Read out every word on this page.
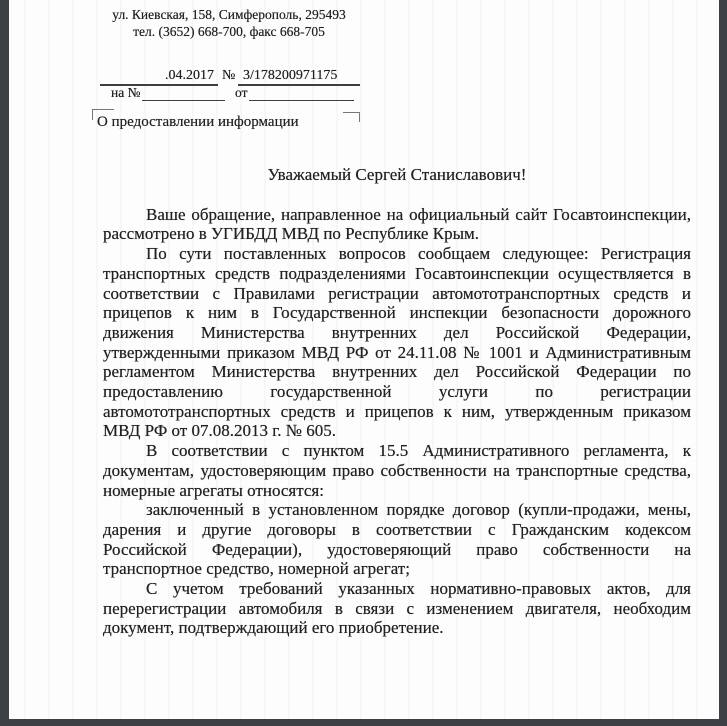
ул. Киевская, 158, Симферополь, 295493
тел. (3652) 668-700, факс 668-705
.04.2017 № 3/178200971175
на №	от
О предоставлении информации
Уважаемый Сергей Станиславович!
Ваше обращение, направленное на официальный сайт Госавтоинспекции,
рассмотрено в УГИБДД МВД по Республике Крым.
По сути поставленных вопросов сообщаем следующее: Регистрация
транспортных средств подразделениями Госавтоинспекции осуществляется в
соответствии с Правилами регистрации автомототранспортных средств и
прицепов к ним в Государственной инспекции безопасности дорожного
движения Министерства внутренних дел Российской Федерации,
утвержденными приказом МВД РФ от 24.11.08 № 1001 и Административным
регламентом Министерства внутренних дел Российской Федерации по
предоставлению государственной услуги по регистрации
автомототранспортных средств и прицепов к ним, утвержденным приказом
МВД РФ от 07.08.2013 г. № 605.
В соответствии с пунктом 15.5 Административного регламента, к
документам, удостоверяющим право собственности на транспортные средства,
номерные агрегаты относятся:
заключенный в установленном порядке договор (купли-продажи, мены,
дарения и другие договоры в соответствии с Гражданским кодексом
Российской Федерации), удостоверяющий право собственности на
транспортное средство, номерной агрегат;
С учетом требований указанных нормативно-правовых актов, для
перерегистрации автомобиля в связи с изменением двигателя, необходим
документ, подтверждающий его приобретение.
